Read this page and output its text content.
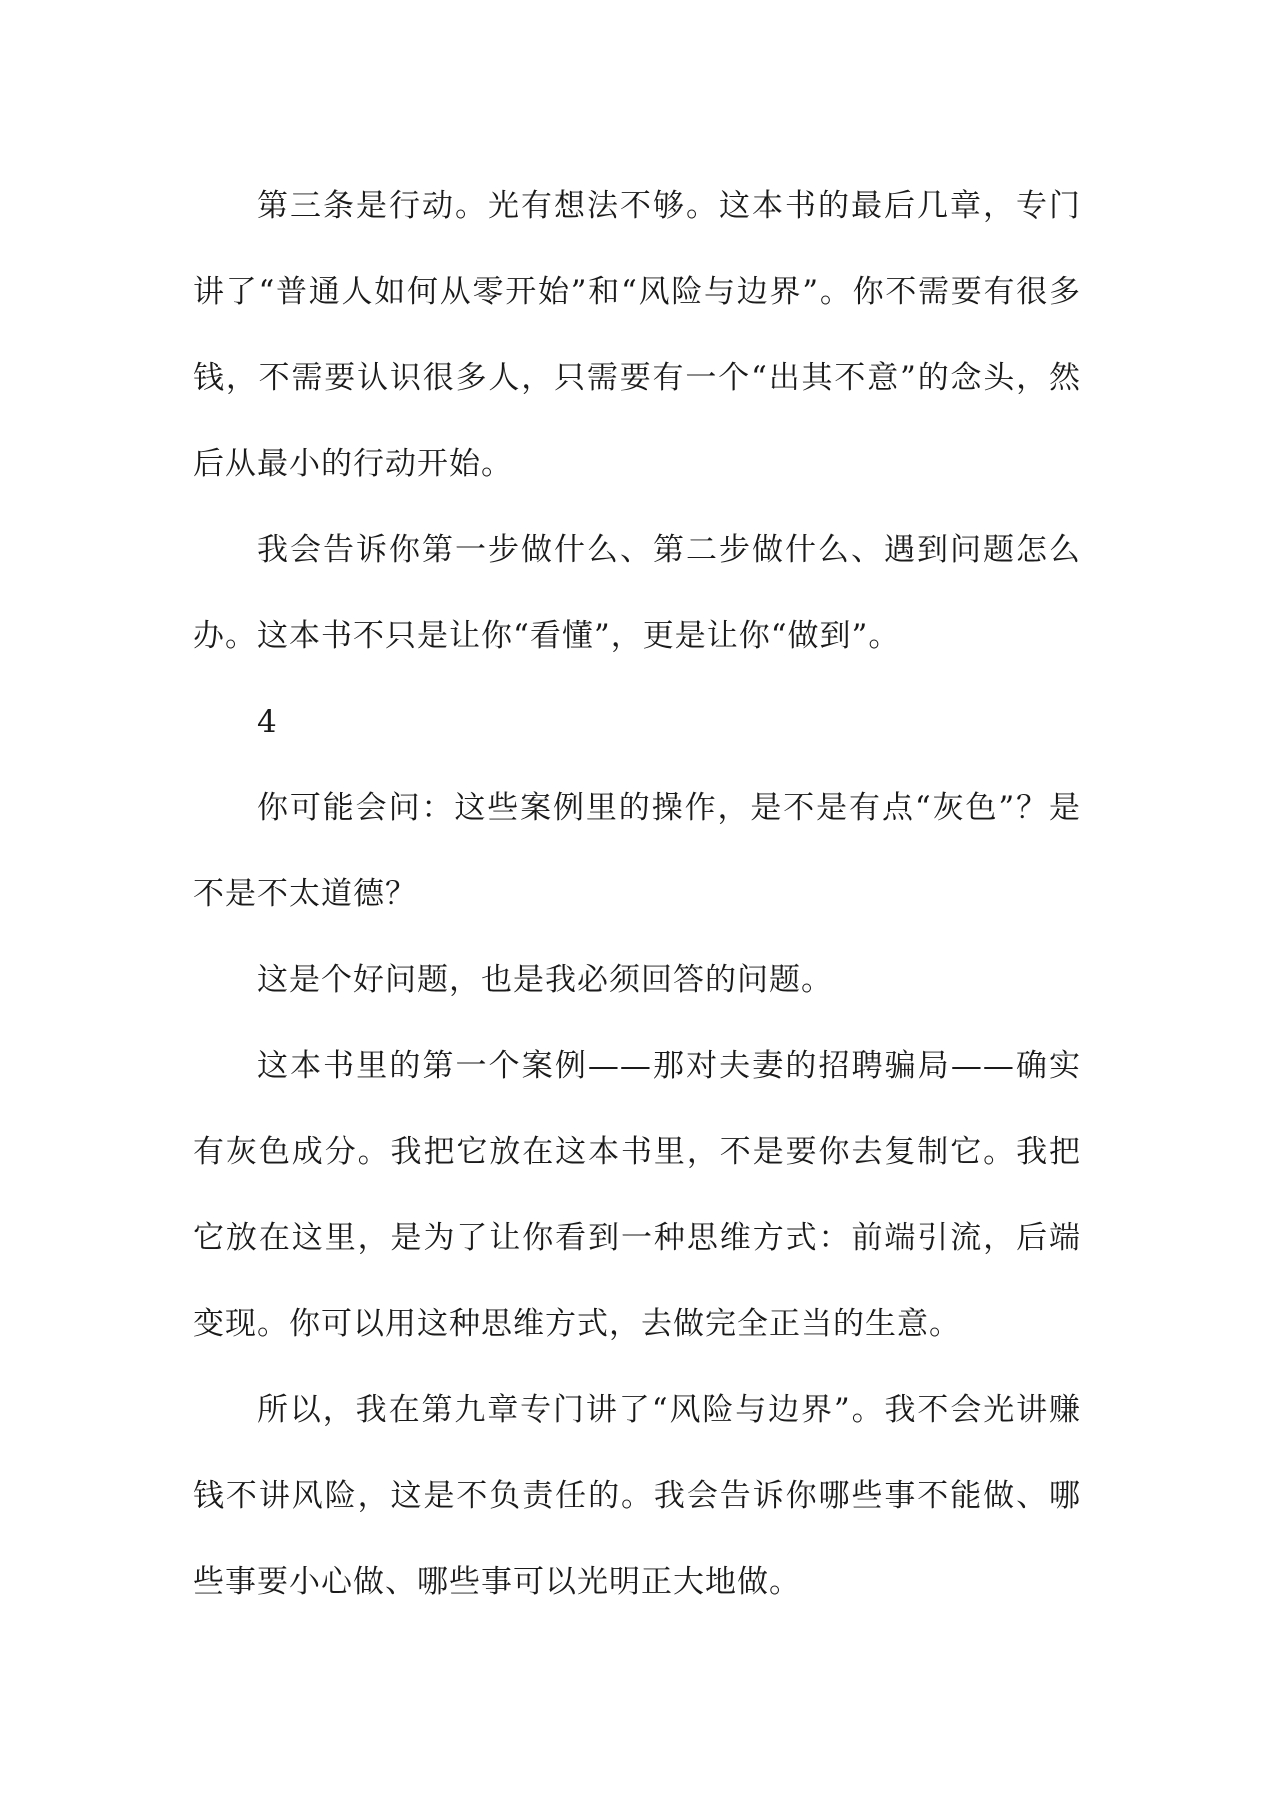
第三条是行动。光有想法不够。这本书的最后几章，专门讲了“普通人如何从零开始”和“风险与边界”。你不需要有很多钱，不需要认识很多人，只需要有一个“出其不意”的念头，然后从最小的行动开始。

我会告诉你第一步做什么、第二步做什么、遇到问题怎么办。这本书不只是让你“看懂”，更是让你“做到”。

4

你可能会问：这些案例里的操作，是不是有点“灰色”？是不是不太道德？

这是个好问题，也是我必须回答的问题。

这本书里的第一个案例——那对夫妻的招聘骗局——确实有灰色成分。我把它放在这本书里，不是要你去复制它。我把它放在这里，是为了让你看到一种思维方式：前端引流，后端变现。你可以用这种思维方式，去做完全正当的生意。

所以，我在第九章专门讲了“风险与边界”。我不会光讲赚钱不讲风险，这是不负责任的。我会告诉你哪些事不能做、哪些事要小心做、哪些事可以光明正大地做。
